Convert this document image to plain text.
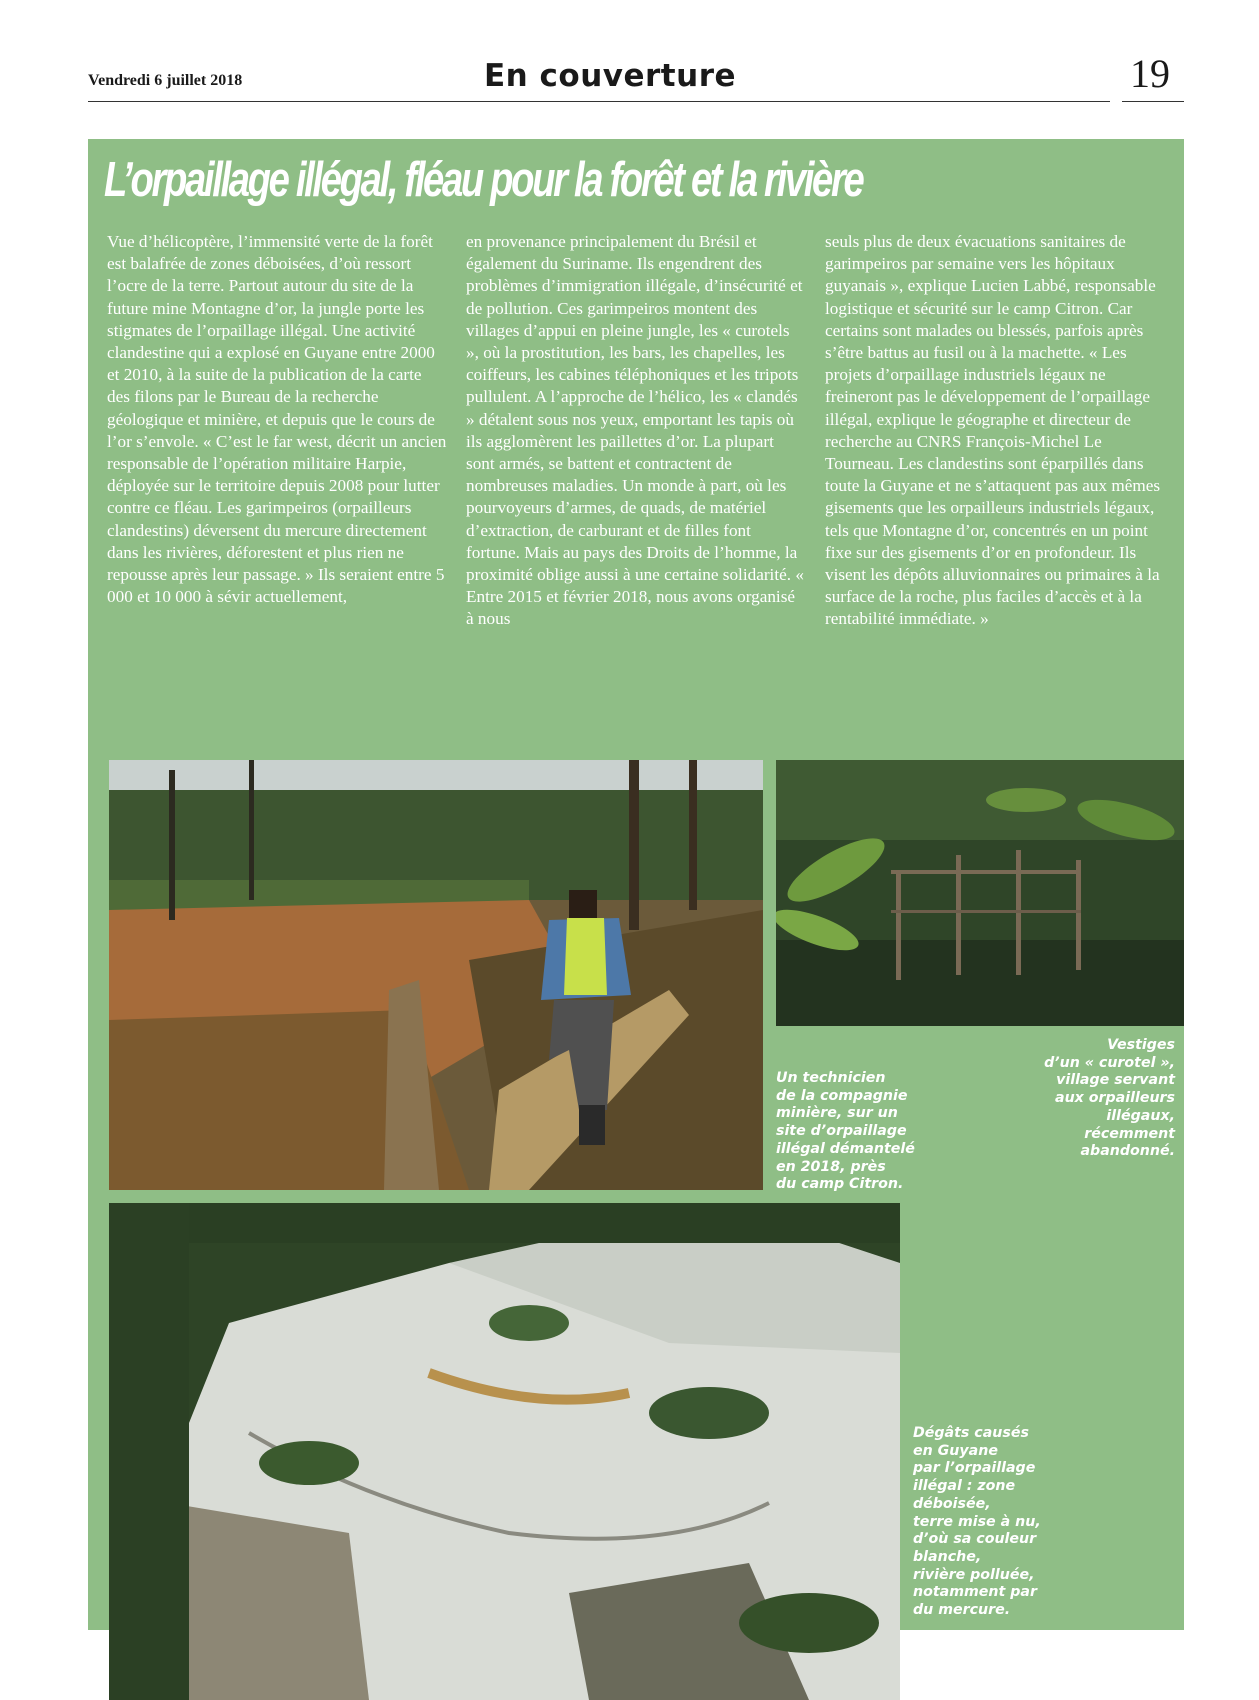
Vendredi 6 juillet 2018	En couverture	19
L’orpaillage illégal, fléau pour la forêt et la rivière

Vue d’hélicoptère, l’immensité verte de la forêt est balafrée de zones déboisées, d’où ressort l’ocre de la terre. Partout autour du site de la future mine Montagne d’or, la jungle porte les stigmates de l’orpaillage illégal. Une activité clandestine qui a explosé en Guyane entre 2000 et 2010, à la suite de la publication de la carte des filons par le Bureau de la recherche géologique et minière, et depuis que le cours de l’or s’envole. « C’est le far west, décrit un ancien responsable de l’opération militaire Harpie, déployée sur le territoire depuis 2008 pour lutter contre ce fléau. Les garimpeiros (orpailleurs clandestins) déversent du mercure directement dans les rivières, déforestent et plus rien ne repousse après leur passage. » Ils seraient entre 5 000 et 10 000 à sévir actuellement,

en provenance principalement du Brésil et également du Suriname. Ils engendrent des problèmes d’immigration illégale, d’insécurité et de pollution. Ces garimpeiros montent des villages d’appui en pleine jungle, les « curotels », où la prostitution, les bars, les chapelles, les coiffeurs, les cabines téléphoniques et les tripots pullulent. A l’approche de l’hélico, les « clandés » détalent sous nos yeux, emportant les tapis où ils agglomèrent les paillettes d’or. La plupart sont armés, se battent et contractent de nombreuses maladies. Un monde à part, où les pourvoyeurs d’armes, de quads, de matériel d’extraction, de carburant et de filles font fortune. Mais au pays des Droits de l’homme, la proximité oblige aussi à une certaine solidarité. « Entre 2015 et février 2018, nous avons organisé à nous

seuls plus de deux évacuations sanitaires de garimpeiros par semaine vers les hôpitaux guyanais », explique Lucien Labbé, responsable logistique et sécurité sur le camp Citron. Car certains sont malades ou blessés, parfois après s’être battus au fusil ou à la machette. « Les projets d’orpaillage industriels légaux ne freineront pas le développement de l’orpaillage illégal, explique le géographe et directeur de recherche au CNRS François-Michel Le Tourneau. Les clandestins sont éparpillés dans toute la Guyane et ne s’attaquent pas aux mêmes gisements que les orpailleurs industriels légaux, tels que Montagne d’or, concentrés en un point fixe sur des gisements d’or en profondeur. Ils visent les dépôts alluvionnaires ou primaires à la surface de la roche, plus faciles d’accès et à la rentabilité immédiate. »

Un technicien
de la compagnie
minière, sur un
site d’orpaillage
illégal démantelé
en 2018, près
du camp Citron.
Vestiges
d’un « curotel »,
village servant
aux orpailleurs
illégaux,
récemment
abandonné.
Dégâts causés
en Guyane
par l’orpaillage
illégal : zone
déboisée,
terre mise à nu,
d’où sa couleur
blanche,
rivière polluée,
notamment par
du mercure.
